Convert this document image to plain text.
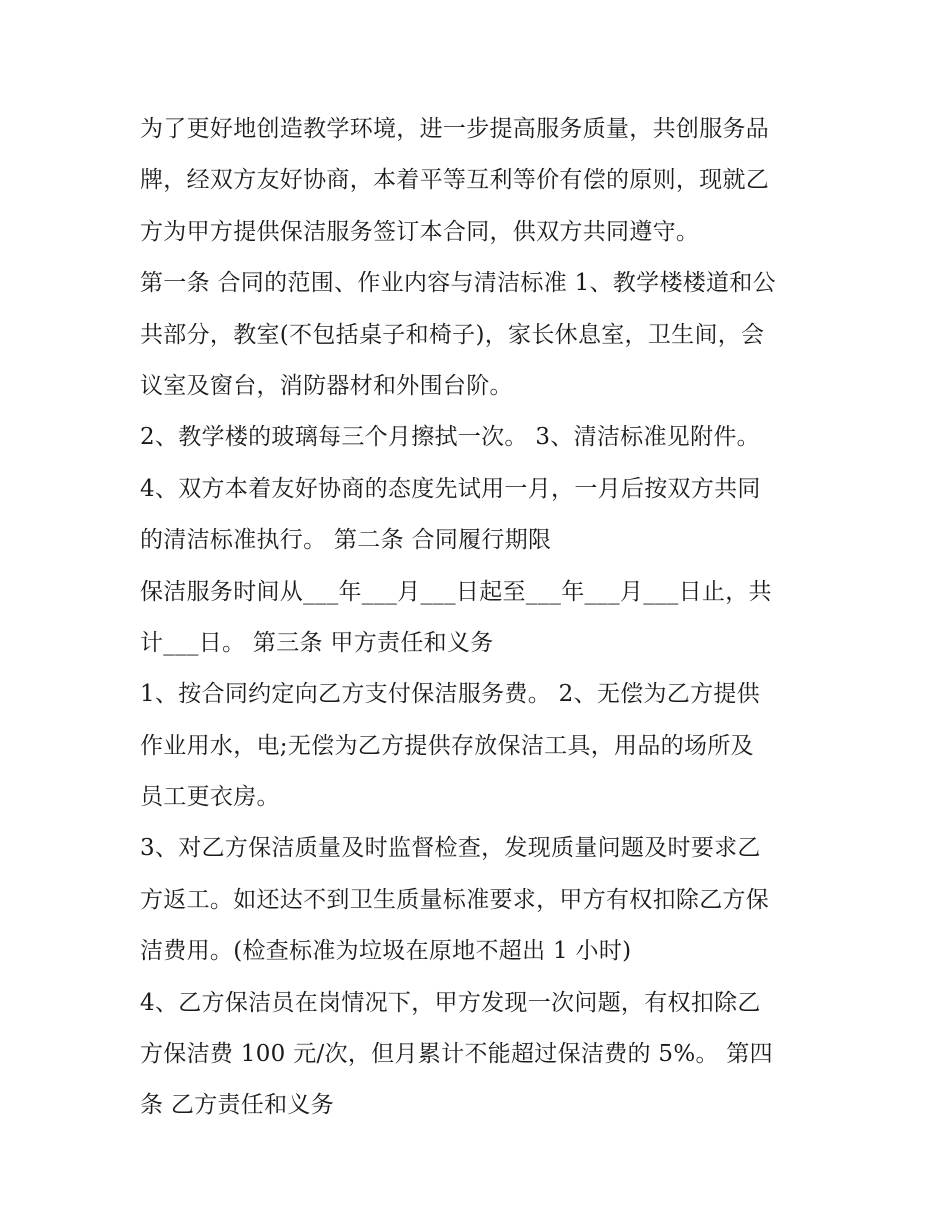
为了更好地创造教学环境，进一步提高服务质量，共创服务品
牌，经双方友好协商，本着平等互利等价有偿的原则，现就乙
方为甲方提供保洁服务签订本合同，供双方共同遵守。
第一条 合同的范围、作业内容与清洁标准 1、教学楼楼道和公
共部分，教室(不包括桌子和椅子)，家长休息室，卫生间，会
议室及窗台，消防器材和外围台阶。
2、教学楼的玻璃每三个月擦拭一次。 3、清洁标准见附件。
4、双方本着友好协商的态度先试用一月，一月后按双方共同
的清洁标准执行。 第二条 合同履行期限
保洁服务时间从___年___月___日起至___年___月___日止，共
计___日。 第三条 甲方责任和义务
1、按合同约定向乙方支付保洁服务费。 2、无偿为乙方提供
作业用水，电;无偿为乙方提供存放保洁工具，用品的场所及
员工更衣房。
3、对乙方保洁质量及时监督检查，发现质量问题及时要求乙
方返工。如还达不到卫生质量标准要求，甲方有权扣除乙方保
洁费用。(检查标准为垃圾在原地不超出 1 小时)
4、乙方保洁员在岗情况下，甲方发现一次问题，有权扣除乙
方保洁费 100 元/次，但月累计不能超过保洁费的 5%。 第四
条 乙方责任和义务
